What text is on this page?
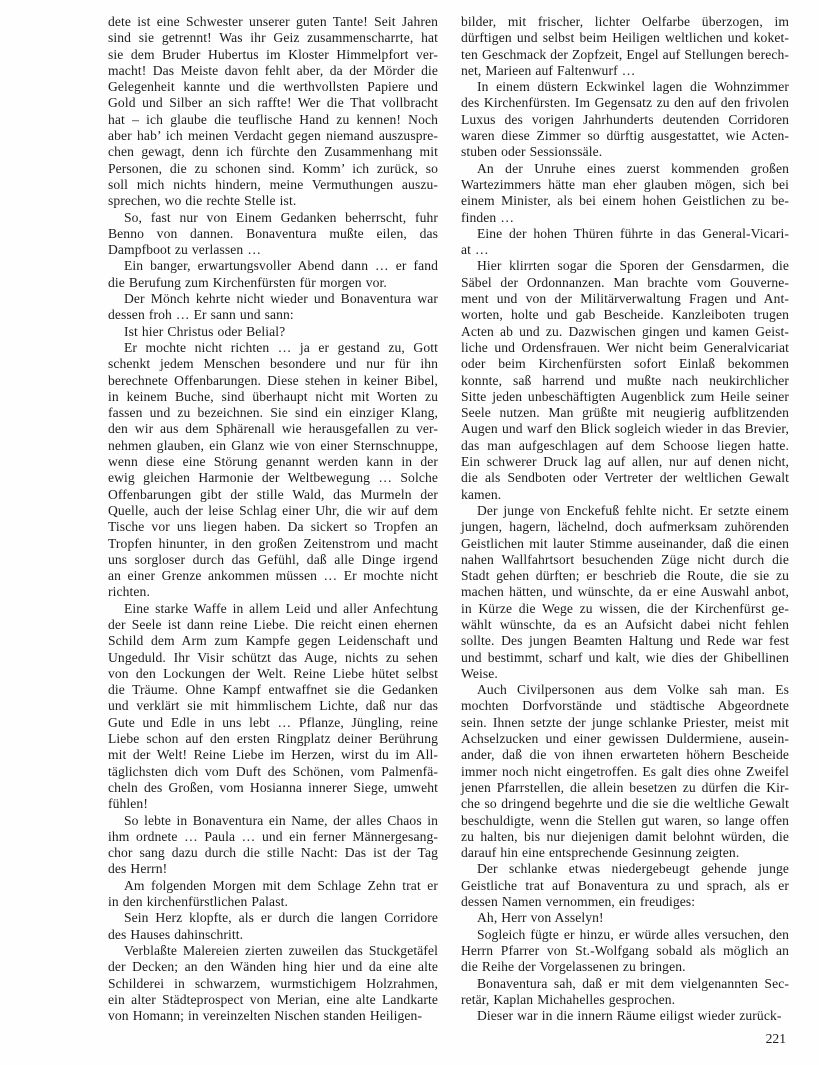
dete ist eine Schwester unserer guten Tante! Seit Jahren
sind sie getrennt! Was ihr Geiz zusammenscharrte, hat
sie dem Bruder Hubertus im Kloster Himmelpfort ver-
macht! Das Meiste davon fehlt aber, da der Mörder die
Gelegenheit kannte und die werthvollsten Papiere und
Gold und Silber an sich raffte! Wer die That vollbracht
hat – ich glaube die teuflische Hand zu kennen! Noch
aber hab’ ich meinen Verdacht gegen niemand auszuspre-
chen gewagt, denn ich fürchte den Zusammenhang mit
Personen, die zu schonen sind. Komm’ ich zurück, so
soll mich nichts hindern, meine Vermuthungen auszu-
sprechen, wo die rechte Stelle ist.
So, fast nur von Einem Gedanken beherrscht, fuhr
Benno von dannen. Bonaventura mußte eilen, das
Dampfboot zu verlassen …
Ein banger, erwartungsvoller Abend dann … er fand
die Berufung zum Kirchenfürsten für morgen vor.
Der Mönch kehrte nicht wieder und Bonaventura war
dessen froh … Er sann und sann:
Ist hier Christus oder Belial?
Er mochte nicht richten … ja er gestand zu, Gott
schenkt jedem Menschen besondere und nur für ihn
berechnete Offenbarungen. Diese stehen in keiner Bibel,
in keinem Buche, sind überhaupt nicht mit Worten zu
fassen und zu bezeichnen. Sie sind ein einziger Klang,
den wir aus dem Sphärenall wie herausgefallen zu ver-
nehmen glauben, ein Glanz wie von einer Sternschnuppe,
wenn diese eine Störung genannt werden kann in der
ewig gleichen Harmonie der Weltbewegung … Solche
Offenbarungen gibt der stille Wald, das Murmeln der
Quelle, auch der leise Schlag einer Uhr, die wir auf dem
Tische vor uns liegen haben. Da sickert so Tropfen an
Tropfen hinunter, in den großen Zeitenstrom und macht
uns sorgloser durch das Gefühl, daß alle Dinge irgend
an einer Grenze ankommen müssen … Er mochte nicht
richten.
Eine starke Waffe in allem Leid und aller Anfechtung
der Seele ist dann reine Liebe. Die reicht einen ehernen
Schild dem Arm zum Kampfe gegen Leidenschaft und
Ungeduld. Ihr Visir schützt das Auge, nichts zu sehen
von den Lockungen der Welt. Reine Liebe hütet selbst
die Träume. Ohne Kampf entwaffnet sie die Gedanken
und verklärt sie mit himmlischem Lichte, daß nur das
Gute und Edle in uns lebt … Pflanze, Jüngling, reine
Liebe schon auf den ersten Ringplatz deiner Berührung
mit der Welt! Reine Liebe im Herzen, wirst du im All-
täglichsten dich vom Duft des Schönen, vom Palmenfä-
cheln des Großen, vom Hosianna innerer Siege, umweht
fühlen!
So lebte in Bonaventura ein Name, der alles Chaos in
ihm ordnete … Paula … und ein ferner Männergesang-
chor sang dazu durch die stille Nacht: Das ist der Tag
des Herrn!
Am folgenden Morgen mit dem Schlage Zehn trat er
in den kirchenfürstlichen Palast.
Sein Herz klopfte, als er durch die langen Corridore
des Hauses dahinschritt.
Verblaßte Malereien zierten zuweilen das Stuckgetäfel
der Decken; an den Wänden hing hier und da eine alte
Schilderei in schwarzem, wurmstichigem Holzrahmen,
ein alter Städteprospect von Merian, eine alte Landkarte
von Homann; in vereinzelten Nischen standen Heiligen-
bilder, mit frischer, lichter Oelfarbe überzogen, im
dürftigen und selbst beim Heiligen weltlichen und koket-
ten Geschmack der Zopfzeit, Engel auf Stellungen berech-
net, Marieen auf Faltenwurf …
In einem düstern Eckwinkel lagen die Wohnzimmer
des Kirchenfürsten. Im Gegensatz zu den auf den frivolen
Luxus des vorigen Jahrhunderts deutenden Corridoren
waren diese Zimmer so dürftig ausgestattet, wie Acten-
stuben oder Sessionssäle.
An der Unruhe eines zuerst kommenden großen
Wartezimmers hätte man eher glauben mögen, sich bei
einem Minister, als bei einem hohen Geistlichen zu be-
finden …
Eine der hohen Thüren führte in das General-Vicari-
at …
Hier klirrten sogar die Sporen der Gensdarmen, die
Säbel der Ordonnanzen. Man brachte vom Gouverne-
ment und von der Militärverwaltung Fragen und Ant-
worten, holte und gab Bescheide. Kanzleiboten trugen
Acten ab und zu. Dazwischen gingen und kamen Geist-
liche und Ordensfrauen. Wer nicht beim Generalvicariat
oder beim Kirchenfürsten sofort Einlaß bekommen
konnte, saß harrend und mußte nach neukirchlicher
Sitte jeden unbeschäftigten Augenblick zum Heile seiner
Seele nutzen. Man grüßte mit neugierig aufblitzenden
Augen und warf den Blick sogleich wieder in das Brevier,
das man aufgeschlagen auf dem Schoose liegen hatte.
Ein schwerer Druck lag auf allen, nur auf denen nicht,
die als Sendboten oder Vertreter der weltlichen Gewalt
kamen.
Der junge von Enckefuß fehlte nicht. Er setzte einem
jungen, hagern, lächelnd, doch aufmerksam zuhörenden
Geistlichen mit lauter Stimme auseinander, daß die einen
nahen Wallfahrtsort besuchenden Züge nicht durch die
Stadt gehen dürften; er beschrieb die Route, die sie zu
machen hätten, und wünschte, da er eine Auswahl anbot,
in Kürze die Wege zu wissen, die der Kirchenfürst ge-
wählt wünschte, da es an Aufsicht dabei nicht fehlen
sollte. Des jungen Beamten Haltung und Rede war fest
und bestimmt, scharf und kalt, wie dies der Ghibellinen
Weise.
Auch Civilpersonen aus dem Volke sah man. Es
mochten Dorfvorstände und städtische Abgeordnete
sein. Ihnen setzte der junge schlanke Priester, meist mit
Achselzucken und einer gewissen Duldermiene, ausein-
ander, daß die von ihnen erwarteten höhern Bescheide
immer noch nicht eingetroffen. Es galt dies ohne Zweifel
jenen Pfarrstellen, die allein besetzen zu dürfen die Kir-
che so dringend begehrte und die sie die weltliche Gewalt
beschuldigte, wenn die Stellen gut waren, so lange offen
zu halten, bis nur diejenigen damit belohnt würden, die
darauf hin eine entsprechende Gesinnung zeigten.
Der schlanke etwas niedergebeugt gehende junge
Geistliche trat auf Bonaventura zu und sprach, als er
dessen Namen vernommen, ein freudiges:
Ah, Herr von Asselyn!
Sogleich fügte er hinzu, er würde alles versuchen, den
Herrn Pfarrer von St.-Wolfgang sobald als möglich an
die Reihe der Vorgelassenen zu bringen.
Bonaventura sah, daß er mit dem vielgenannten Sec-
retär, Kaplan Michahelles gesprochen.
Dieser war in die innern Räume eiligst wieder zurück-
221
